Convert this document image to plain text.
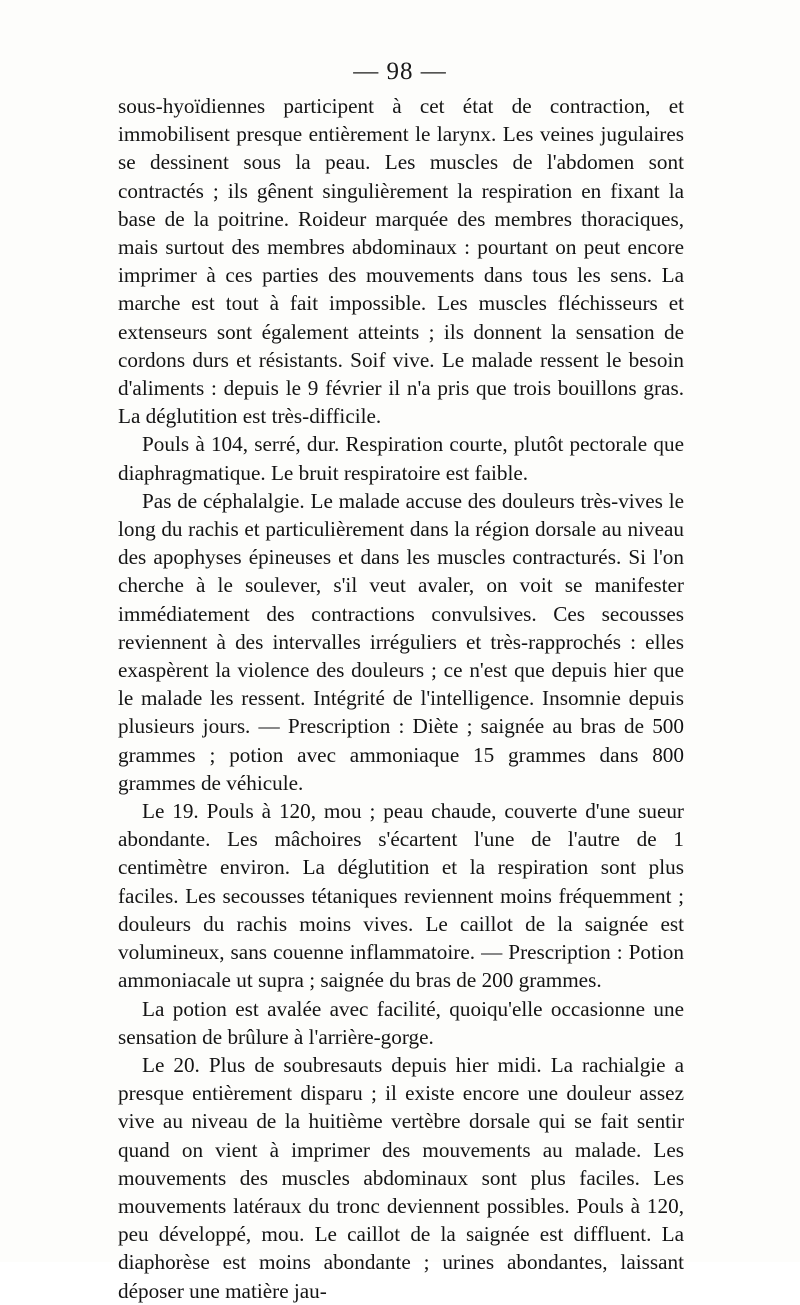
— 98 —

sous-hyoïdiennes participent à cet état de contraction, et immobilisent presque entièrement le larynx. Les veines jugulaires se dessinent sous la peau. Les muscles de l'abdomen sont contractés ; ils gênent singulièrement la respiration en fixant la base de la poitrine. Roideur marquée des membres thoraciques, mais surtout des membres abdominaux : pourtant on peut encore imprimer à ces parties des mouvements dans tous les sens. La marche est tout à fait impossible. Les muscles fléchisseurs et extenseurs sont également atteints ; ils donnent la sensation de cordons durs et résistants. Soif vive. Le malade ressent le besoin d'aliments : depuis le 9 février il n'a pris que trois bouillons gras. La déglutition est très-difficile.

Pouls à 104, serré, dur. Respiration courte, plutôt pectorale que diaphragmatique. Le bruit respiratoire est faible.

Pas de céphalalgie. Le malade accuse des douleurs très-vives le long du rachis et particulièrement dans la région dorsale au niveau des apophyses épineuses et dans les muscles contracturés. Si l'on cherche à le soulever, s'il veut avaler, on voit se manifester immédiatement des contractions convulsives. Ces secousses reviennent à des intervalles irréguliers et très-rapprochés : elles exaspèrent la violence des douleurs ; ce n'est que depuis hier que le malade les ressent. Intégrité de l'intelligence. Insomnie depuis plusieurs jours. — Prescription : Diète ; saignée au bras de 500 grammes ; potion avec ammoniaque 15 grammes dans 800 grammes de véhicule.

Le 19. Pouls à 120, mou ; peau chaude, couverte d'une sueur abondante. Les mâchoires s'écartent l'une de l'autre de 1 centimètre environ. La déglutition et la respiration sont plus faciles. Les secousses tétaniques reviennent moins fréquemment ; douleurs du rachis moins vives. Le caillot de la saignée est volumineux, sans couenne inflammatoire. — Prescription : Potion ammoniacale ut supra ; saignée du bras de 200 grammes.

La potion est avalée avec facilité, quoiqu'elle occasionne une sensation de brûlure à l'arrière-gorge.

Le 20. Plus de soubresauts depuis hier midi. La rachialgie a presque entièrement disparu ; il existe encore une douleur assez vive au niveau de la huitième vertèbre dorsale qui se fait sentir quand on vient à imprimer des mouvements au malade. Les mouvements des muscles abdominaux sont plus faciles. Les mouvements latéraux du tronc deviennent possibles. Pouls à 120, peu développé, mou. Le caillot de la saignée est diffluent. La diaphorèse est moins abondante ; urines abondantes, laissant déposer une matière jau-
